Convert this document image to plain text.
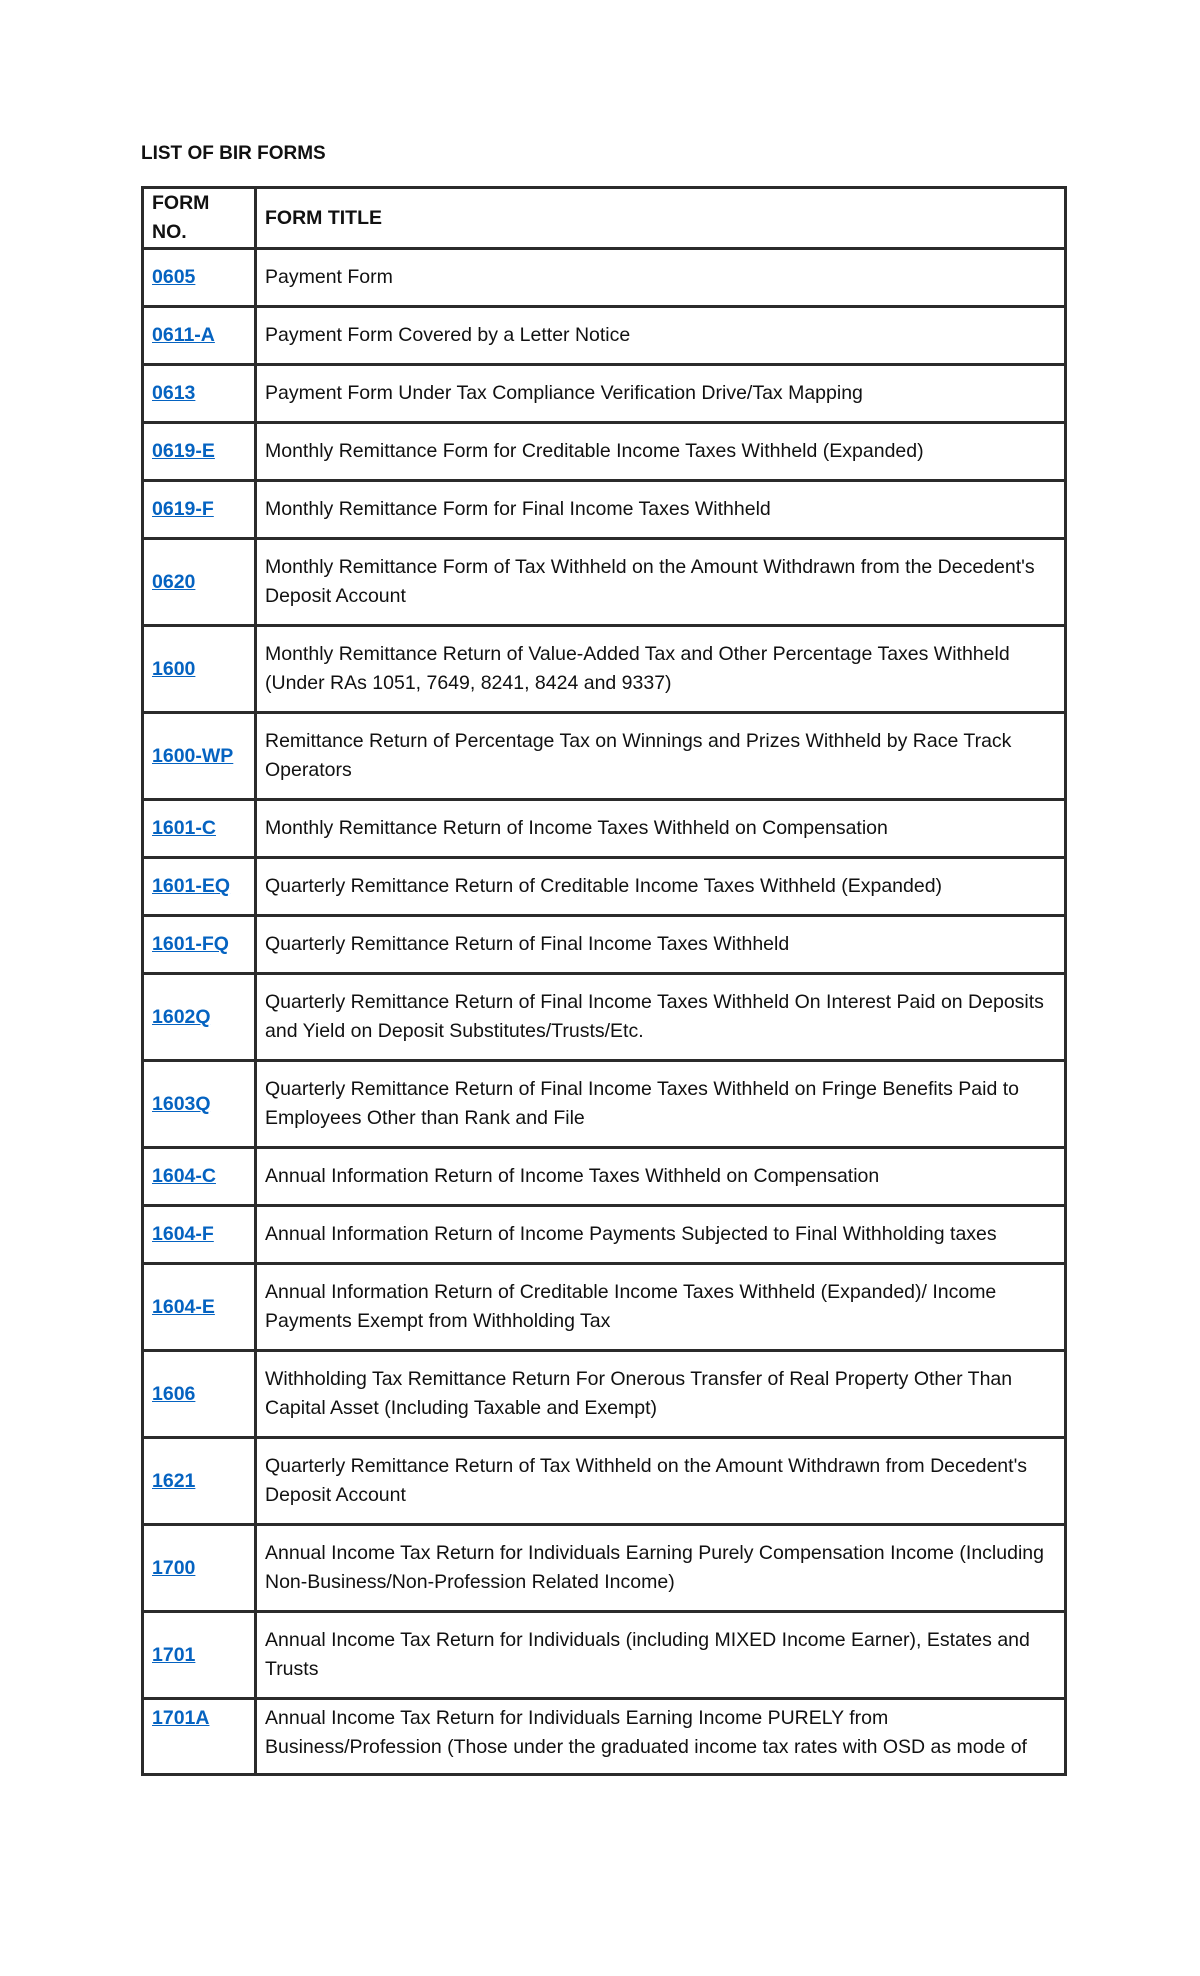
LIST OF BIR FORMS
FORM NO.	FORM TITLE
0605	Payment Form
0611-A	Payment Form Covered by a Letter Notice
0613	Payment Form Under Tax Compliance Verification Drive/Tax Mapping
0619-E	Monthly Remittance Form for Creditable Income Taxes Withheld (Expanded)
0619-F	Monthly Remittance Form for Final Income Taxes Withheld
0620	Monthly Remittance Form of Tax Withheld on the Amount Withdrawn from the Decedent's Deposit Account
1600	Monthly Remittance Return of Value-Added Tax and Other Percentage Taxes Withheld (Under RAs 1051, 7649, 8241, 8424 and 9337)
1600-WP	Remittance Return of Percentage Tax on Winnings and Prizes Withheld by Race Track Operators
1601-C	Monthly Remittance Return of Income Taxes Withheld on Compensation
1601-EQ	Quarterly Remittance Return of Creditable Income Taxes Withheld (Expanded)
1601-FQ	Quarterly Remittance Return of Final Income Taxes Withheld
1602Q	Quarterly Remittance Return of Final Income Taxes Withheld On Interest Paid on Deposits and Yield on Deposit Substitutes/Trusts/Etc.
1603Q	Quarterly Remittance Return of Final Income Taxes Withheld on Fringe Benefits Paid to Employees Other than Rank and File
1604-C	Annual Information Return of Income Taxes Withheld on Compensation
1604-F	Annual Information Return of Income Payments Subjected to Final Withholding taxes
1604-E	Annual Information Return of Creditable Income Taxes Withheld (Expanded)/ Income Payments Exempt from Withholding Tax
1606	Withholding Tax Remittance Return For Onerous Transfer of Real Property Other Than Capital Asset (Including Taxable and Exempt)
1621	Quarterly Remittance Return of Tax Withheld on the Amount Withdrawn from Decedent's Deposit Account
1700	Annual Income Tax Return for Individuals Earning Purely Compensation Income (Including Non-Business/Non-Profession Related Income)
1701	Annual Income Tax Return for Individuals (including MIXED Income Earner), Estates and Trusts
1701A	Annual Income Tax Return for Individuals Earning Income PURELY from Business/Profession (Those under the graduated income tax rates with OSD as mode of
